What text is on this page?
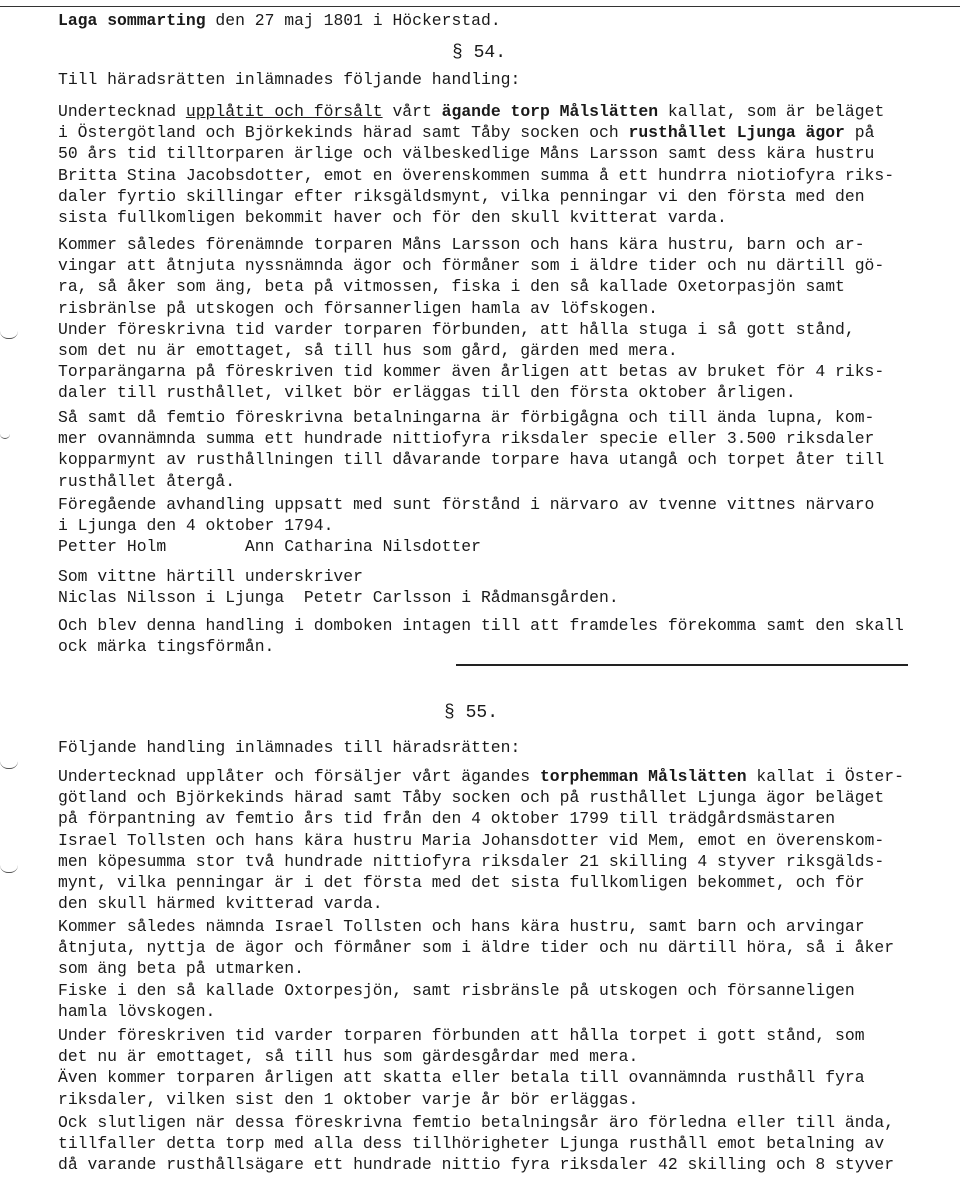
Laga sommarting den 27 maj 1801 i Höckerstad.

§ 54.

Till häradsrätten inlämnades följande handling:

Undertecknad upplåtit och försålt vårt ägande torp Målslätten kallat, som är beläget

i Östergötland och Björkekinds härad samt Tåby socken och rusthållet Ljunga ägor på

50 års tid tilltorparen ärlige och välbeskedlige Måns Larsson samt dess kära hustru

Britta Stina Jacobsdotter, emot en överenskommen summa å ett hundrra niotiofyra riks-

daler fyrtio skillingar efter riksgäldsmynt, vilka penningar vi den första med den

sista fullkomligen bekommit haver och för den skull kvitterat varda.

Kommer således förenämnde torparen Måns Larsson och hans kära hustru, barn och ar-

vingar att åtnjuta nyssnämnda ägor och förmåner som i äldre tider och nu därtill gö-

ra, så åker som äng, beta på vitmossen, fiska i den så kallade Oxetorpasjön samt

risbränlse på utskogen och försannerligen hamla av löfskogen.

Under föreskrivna tid varder torparen förbunden, att hålla stuga i så gott stånd,

som det nu är emottaget, så till hus som gård, gärden med mera.

Torparängarna på föreskriven tid kommer även årligen att betas av bruket för 4 riks-

daler till rusthållet, vilket bör erläggas till den första oktober årligen.

Så samt då femtio föreskrivna betalningarna är förbigågna och till ända lupna, kom-

mer ovannämnda summa ett hundrade nittiofyra riksdaler specie eller 3.500 riksdaler

kopparmynt av rusthållningen till dåvarande torpare hava utangå och torpet åter till

rusthållet återgå.

Föregående avhandling uppsatt med sunt förstånd i närvaro av tvenne vittnes närvaro

i Ljunga den 4 oktober 1794.

Petter Holm        Ann Catharina Nilsdotter

Som vittne härtill underskriver

Niclas Nilsson i Ljunga  Petetr Carlsson i Rådmansgården.

Och blev denna handling i domboken intagen till att framdeles förekomma samt den skall

ock märka tingsförmån.

§ 55.

Följande handling inlämnades till häradsrätten:

Undertecknad upplåter och försäljer vårt ägandes torphemman Målslätten kallat i Öster-

götland och Björkekinds härad samt Tåby socken och på rusthållet Ljunga ägor beläget

på förpantning av femtio års tid från den 4 oktober 1799 till trädgårdsmästaren

Israel Tollsten och hans kära hustru Maria Johansdotter vid Mem, emot en överenskom-

men köpesumma stor två hundrade nittiofyra riksdaler 21 skilling 4 styver riksgälds-

mynt, vilka penningar är i det första med det sista fullkomligen bekommet, och för

den skull härmed kvitterad varda.

Kommer således nämnda Israel Tollsten och hans kära hustru, samt barn och arvingar

åtnjuta, nyttja de ägor och förmåner som i äldre tider och nu därtill höra, så i åker

som äng beta på utmarken.

Fiske i den så kallade Oxtorpesjön, samt risbränsle på utskogen och försanneligen

hamla lövskogen.

Under föreskriven tid varder torparen förbunden att hålla torpet i gott stånd, som

det nu är emottaget, så till hus som gärdesgårdar med mera.

Även kommer torparen årligen att skatta eller betala till ovannämnda rusthåll fyra

riksdaler, vilken sist den 1 oktober varje år bör erläggas.

Ock slutligen när dessa föreskrivna femtio betalningsår äro förledna eller till ända,

tillfaller detta torp med alla dess tillhörigheter Ljunga rusthåll emot betalning av

då varande rusthållsägare ett hundrade nittio fyra riksdaler 42 skilling och 8 styver
